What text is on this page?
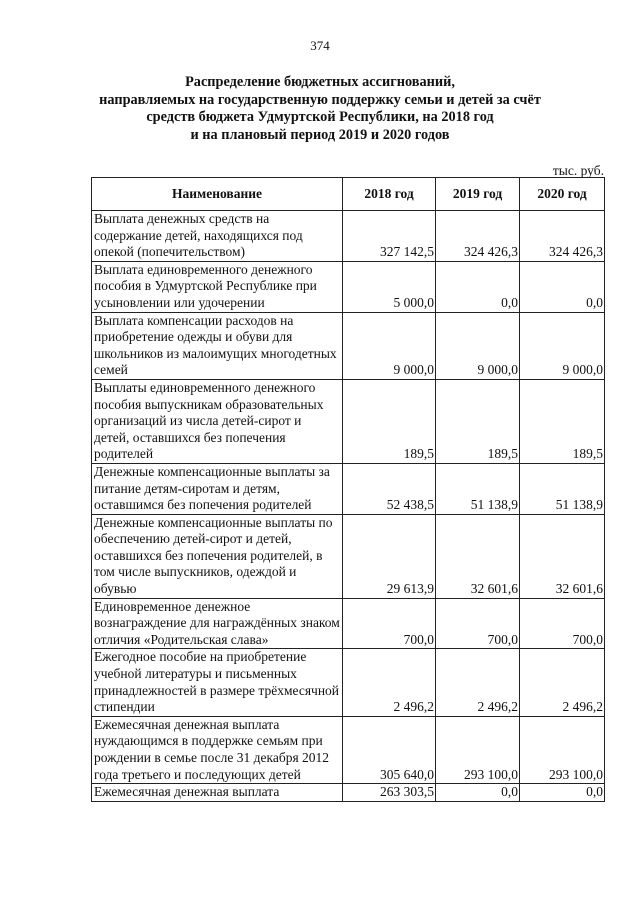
374
Распределение бюджетных ассигнований,
направляемых на государственную поддержку семьи и детей за счёт
средств бюджета Удмуртской Республики, на 2018 год
и на плановый период 2019 и 2020 годов
тыс. руб.
Наименование	2018 год	2019 год	2020 год
Выплата денежных средств на содержание детей, находящихся под опекой (попечительством)	327 142,5	324 426,3	324 426,3
Выплата единовременного денежного пособия в Удмуртской Республике при усыновлении или удочерении	5 000,0	0,0	0,0
Выплата компенсации расходов на приобретение одежды и обуви для школьников из малоимущих многодетных семей	9 000,0	9 000,0	9 000,0
Выплаты единовременного денежного пособия выпускникам образовательных организаций из числа детей-сирот и детей, оставшихся без попечения родителей	189,5	189,5	189,5
Денежные компенсационные выплаты за питание детям-сиротам и детям, оставшимся без попечения родителей	52 438,5	51 138,9	51 138,9
Денежные компенсационные выплаты по обеспечению детей-сирот и детей, оставшихся без попечения родителей, в том числе выпускников, одеждой и обувью	29 613,9	32 601,6	32 601,6
Единовременное денежное вознаграждение для награждённых знаком отличия «Родительская слава»	700,0	700,0	700,0
Ежегодное пособие на приобретение учебной литературы и письменных принадлежностей в размере трёхмесячной стипендии	2 496,2	2 496,2	2 496,2
Ежемесячная денежная выплата нуждающимся в поддержке семьям при рождении в семье после 31 декабря 2012 года третьего и последующих детей	305 640,0	293 100,0	293 100,0
Ежемесячная денежная выплата	263 303,5	0,0	0,0
